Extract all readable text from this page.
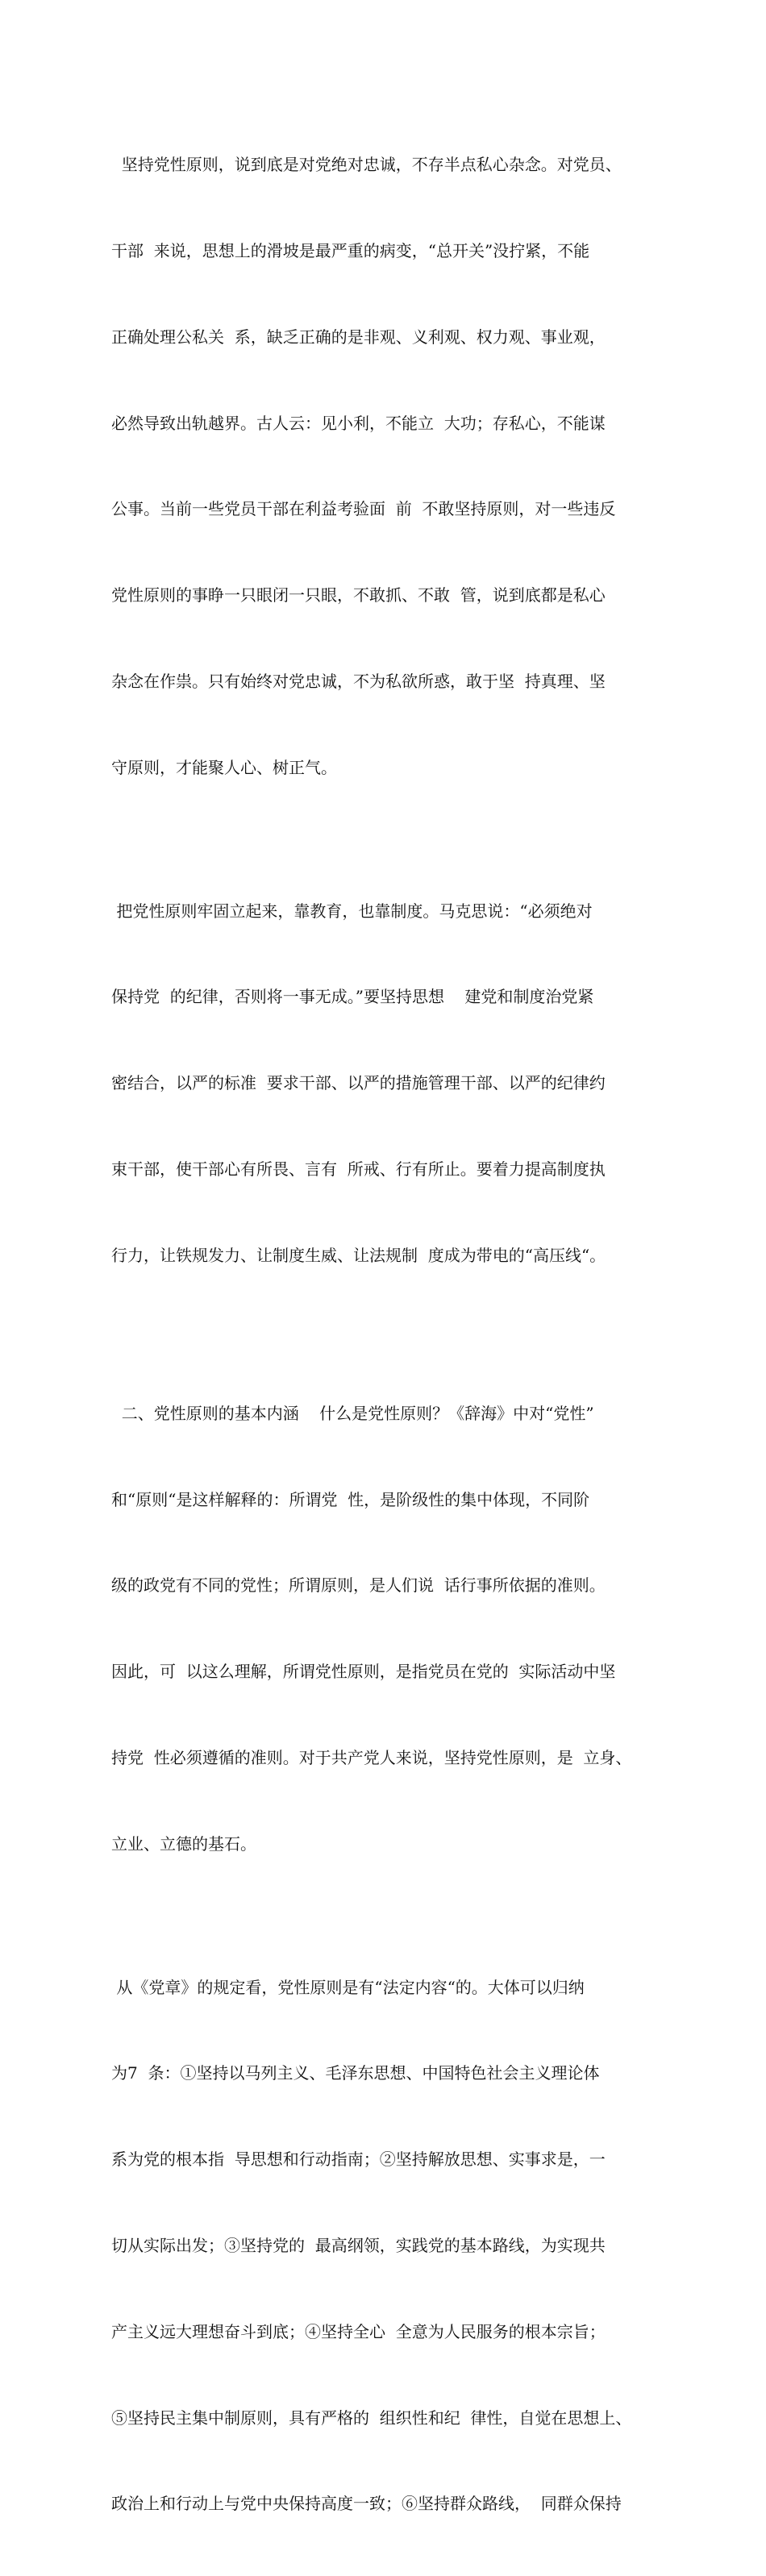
坚持党性原则，说到底是对党绝对忠诚，不存半点私心杂念。对党员、

干部  来说，思想上的滑坡是最严重的病变，“总开关”没拧紧，不能

正确处理公私关  系，缺乏正确的是非观、义利观、权力观、事业观，

必然导致出轨越界。古人云：见小利，不能立  大功；存私心，不能谋

公事。当前一些党员干部在利益考验面  前  不敢坚持原则，对一些违反

党性原则的事睁一只眼闭一只眼，不敢抓、不敢  管，说到底都是私心

杂念在作祟。只有始终对党忠诚，不为私欲所惑，敢于坚  持真理、坚

守原则，才能聚人心、树正气。

把党性原则牢固立起来，靠教育，也靠制度。马克思说：“必须绝对

保持党  的纪律，否则将一事无成。”要坚持思想    建党和制度治党紧

密结合，以严的标准  要求干部、以严的措施管理干部、以严的纪律约

束干部，使干部心有所畏、言有  所戒、行有所止。要着力提高制度执

行力，让铁规发力、让制度生威、让法规制  度成为带电的“高压线“。

二、党性原则的基本内涵    什么是党性原则？《辞海》中对“党性”

和“原则“是这样解释的：所谓党  性，是阶级性的集中体现，不同阶

级的政党有不同的党性；所谓原则，是人们说  话行事所依据的准则。

因此，可  以这么理解，所谓党性原则，是指党员在党的  实际活动中坚

持党  性必须遵循的准则。对于共产党人来说，坚持党性原则，是  立身、

立业、立德的基石。

从《党章》的规定看，党性原则是有“法定内容“的。大体可以归纳

为7  条：①坚持以马列主义、毛泽东思想、中国特色社会主义理论体

系为党的根本指  导思想和行动指南；②坚持解放思想、实事求是，一

切从实际出发；③坚持党的  最高纲领，实践党的基本路线，为实现共

产主义远大理想奋斗到底；④坚持全心  全意为人民服务的根本宗旨；

⑤坚持民主集中制原则，具有严格的  组织性和纪  律性，自觉在思想上、

政治上和行动上与党中央保持高度一致；⑥坚持群众路线，  同群众保持
